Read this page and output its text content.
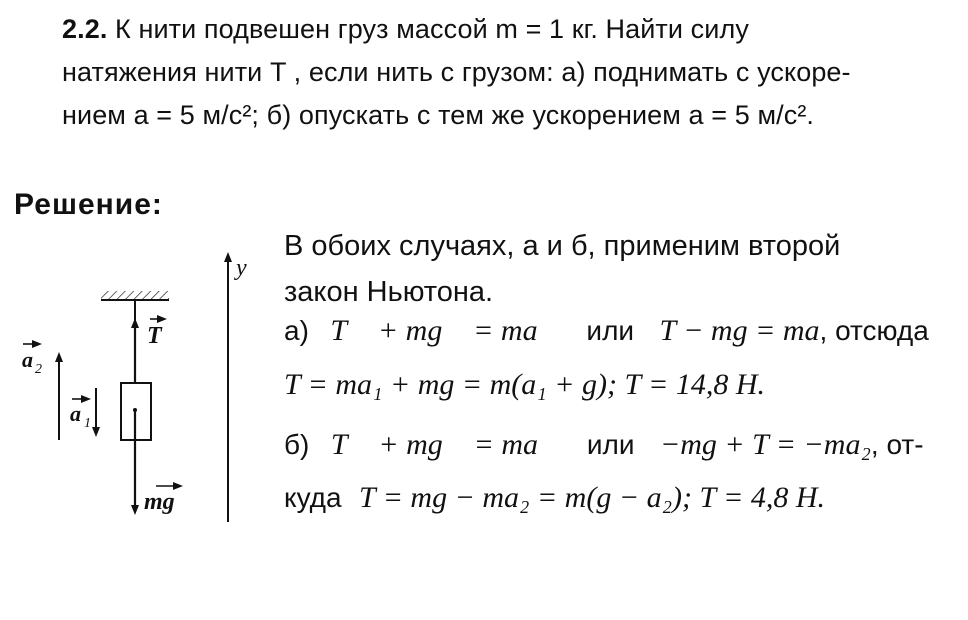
2.2. К нити подвешен груз массой m = 1 кг. Найти силу
натяжения нити T , если нить с грузом: а) поднимать с ускоре-
нием a = 5 м/с²; б) опускать с тем же ускорением a = 5 м/с².
Решение:
В обоих случаях, а и б, применим второй
закон Ньютона.
а) T⃗ + mg⃗ = ma⃗ или T − mg = ma, отсюда
T = ma₁ + mg = m(a₁ + g); T = 14,8 Н.
б) T⃗ + mg⃗ = ma⃗ или −mg + T = −ma₂, от-
куда T = mg − ma₂ = m(g − a₂); T = 4,8 Н.
T
mg
a 2
a 1
y
